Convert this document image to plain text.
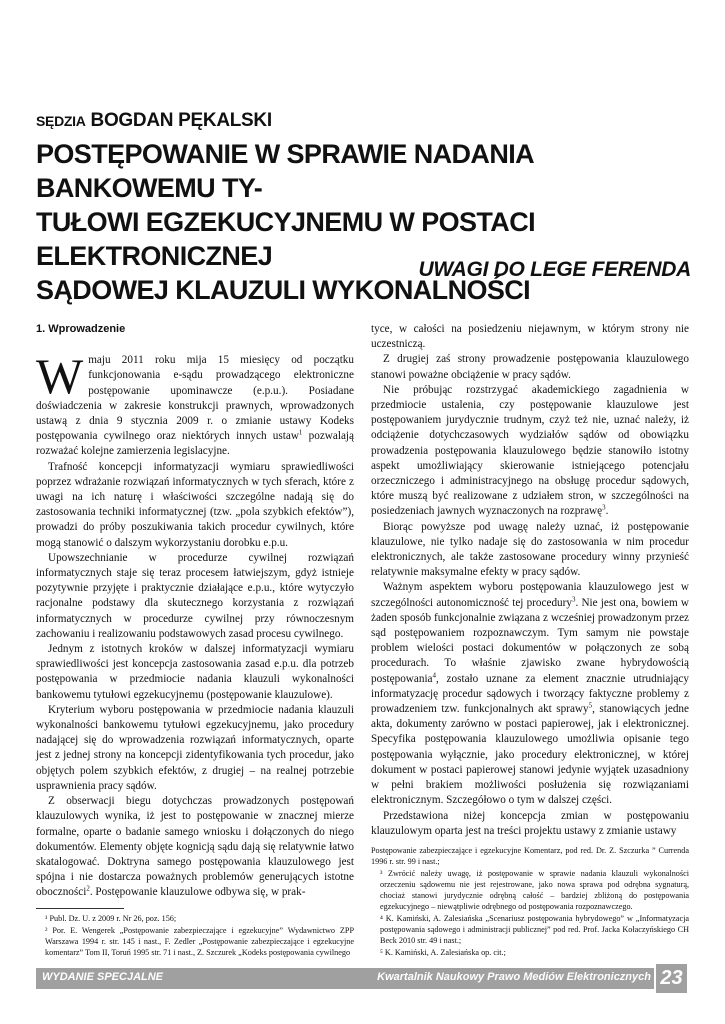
SĘDZIA BOGDAN PĘKALSKI
POSTĘPOWANIE W SPRAWIE NADANIA BANKOWEMU TY-
TUŁOWI EGZEKUCYJNEMU W POSTACI ELEKTRONICZNEJ
SĄDOWEJ KLAUZULI WYKONALNOŚCI
UWAGI DO LEGE FERENDA
1. Wprowadzenie

Wmaju 2011 roku mija 15 miesięcy od początku funkcjonowania e-sądu prowadzącego elektroniczne postępowanie upominawcze (e.p.u.). Posiadane doświadczenia w zakresie konstrukcji prawnych, wprowadzonych ustawą z dnia 9 stycznia 2009 r. o zmianie ustawy Kodeks postępowania cywilnego oraz niektórych innych ustaw$^1$ pozwalają rozważać kolejne zamierzenia legislacyjne.

Trafność koncepcji informatyzacji wymiaru sprawiedliwości poprzez wdrażanie rozwiązań informatycznych w tych sferach, które z uwagi na ich naturę i właściwości szczególne nadają się do zastosowania techniki informatycznej (tzw. „pola szybkich efektów”), prowadzi do próby poszukiwania takich procedur cywilnych, które mogą stanowić o dalszym wykorzystaniu dorobku e.p.u.

Upowszechnianie w procedurze cywilnej rozwiązań informatycznych staje się teraz procesem łatwiejszym, gdyż istnieje pozytywnie przyjęte i praktycznie działające e.p.u., które wytyczyło racjonalne podstawy dla skutecznego korzystania z rozwiązań informatycznych w procedurze cywilnej przy równoczesnym zachowaniu i realizowaniu podstawowych zasad procesu cywilnego.

Jednym z istotnych kroków w dalszej informatyzacji wymiaru sprawiedliwości jest koncepcja zastosowania zasad e.p.u. dla potrzeb postępowania w przedmiocie nadania klauzuli wykonalności bankowemu tytułowi egzekucyjnemu (postępowanie klauzulowe).

Kryterium wyboru postępowania w przedmiocie nadania klauzuli wykonalności bankowemu tytułowi egzekucyjnemu, jako procedury nadającej się do wprowadzenia rozwiązań informatycznych, oparte jest z jednej strony na koncepcji zidentyfikowania tych procedur, jako objętych polem szybkich efektów, z drugiej – na realnej potrzebie usprawnienia pracy sądów.

Z obserwacji biegu dotychczas prowadzonych postępowań klauzulowych wynika, iż jest to postępowanie w znacznej mierze formalne, oparte o badanie samego wniosku i dołączonych do niego dokumentów. Elementy objęte kognicją sądu dają się relatywnie łatwo skatalogować. Doktryna samego postępowania klauzulowego jest spójna i nie dostarcza poważnych problemów generujących istotne oboczności$^2$. Postępowanie klauzulowe odbywa się, w prak-

tyce, w całości na posiedzeniu niejawnym, w którym strony nie uczestniczą.

Z drugiej zaś strony prowadzenie postępowania klauzulowego stanowi poważne obciążenie w pracy sądów.

Nie próbując rozstrzygać akademickiego zagadnienia w przedmiocie ustalenia, czy postępowanie klauzulowe jest postępowaniem jurydycznie trudnym, czyż też nie, uznać należy, iż odciążenie dotychczasowych wydziałów sądów od obowiązku prowadzenia postępowania klauzulowego będzie stanowiło istotny aspekt umożliwiający skierowanie istniejącego potencjału orzeczniczego i administracyjnego na obsługę procedur sądowych, które muszą być realizowane z udziałem stron, w szczególności na posiedzeniach jawnych wyznaczonych na rozprawę$^3$.

Biorąc powyższe pod uwagę należy uznać, iż postępowanie klauzulowe, nie tylko nadaje się do zastosowania w nim procedur elektronicznych, ale także zastosowane procedury winny przynieść relatywnie maksymalne efekty w pracy sądów.

Ważnym aspektem wyboru postępowania klauzulowego jest w szczególności autonomiczność tej procedury$^3$. Nie jest ona, bowiem w żaden sposób funkcjonalnie związana z wcześniej prowadzonym przez sąd postępowaniem rozpoznawczym. Tym samym nie powstaje problem wielości postaci dokumentów w połączonych ze sobą procedurach. To właśnie zjawisko zwane hybrydowością postępowania$^4$, zostało uznane za element znacznie utrudniający informatyzację procedur sądowych i tworzący faktyczne problemy z prowadzeniem tzw. funkcjonalnych akt sprawy$^5$, stanowiących jedne akta, dokumenty zarówno w postaci papierowej, jak i elektronicznej. Specyfika postępowania klauzulowego umożliwia opisanie tego postępowania wyłącznie, jako procedury elektronicznej, w której dokument w postaci papierowej stanowi jedynie wyjątek uzasadniony w pełni brakiem możliwości posłużenia się rozwiązaniami elektronicznym. Szczegółowo o tym w dalszej części.

Przedstawiona niżej koncepcja zmian w postępowaniu klauzulowym oparta jest na treści projektu ustawy z zmianie ustawy

¹ Publ. Dz. U. z 2009 r. Nr 26, poz. 156;

² Por. E. Wengerek „Postępowanie zabezpieczające i egzekucyjne” Wydawnictwo ZPP Warszawa 1994 r. str. 145 i nast., F. Zedler „Postępowanie zabezpieczające i egzekucyjne komentarz” Tom II, Toruń 1995 str. 71 i nast., Z. Szczurek „Kodeks postępowania cywilnego

Postępowanie zabezpieczające i egzekucyjne Komentarz, pod red. Dr. Z. Szczurka ” Currenda 1996 r. str. 99 i nast.;

³ Zwrócić należy uwagę, iż postępowanie w sprawie nadania klauzuli wykonalności orzeczeniu sądowemu nie jest rejestrowane, jako nowa sprawa pod odrębna sygnaturą, chociaż stanowi jurydycznie odrębną całość – bardziej zbliżoną do postępowania egzekucyjnego – niewątpliwie odrębnego od postępowania rozpoznawczego.

⁴ K. Kamiński, A. Zalesiańska „Scenariusz postępowania hybrydowego” w „Informatyzacja postępowania sądowego i administracji publicznej” pod red. Prof. Jacka Kołaczyńskiego CH Beck 2010 str. 49 i nast.;

⁵ K. Kamiński, A. Zalesiańska op. cit.;

WYDANIE SPECJALNE	Kwartalnik Naukowy Prawo Mediów Elektronicznych 23
